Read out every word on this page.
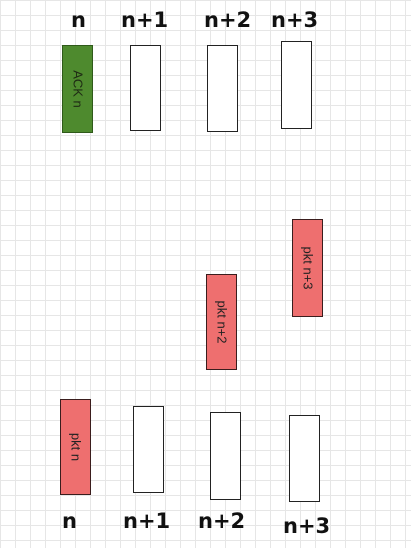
n n+1 n+2 n+3
ACK n
pkt n+3
pkt n+2
pkt n
n n+1 n+2 n+3
